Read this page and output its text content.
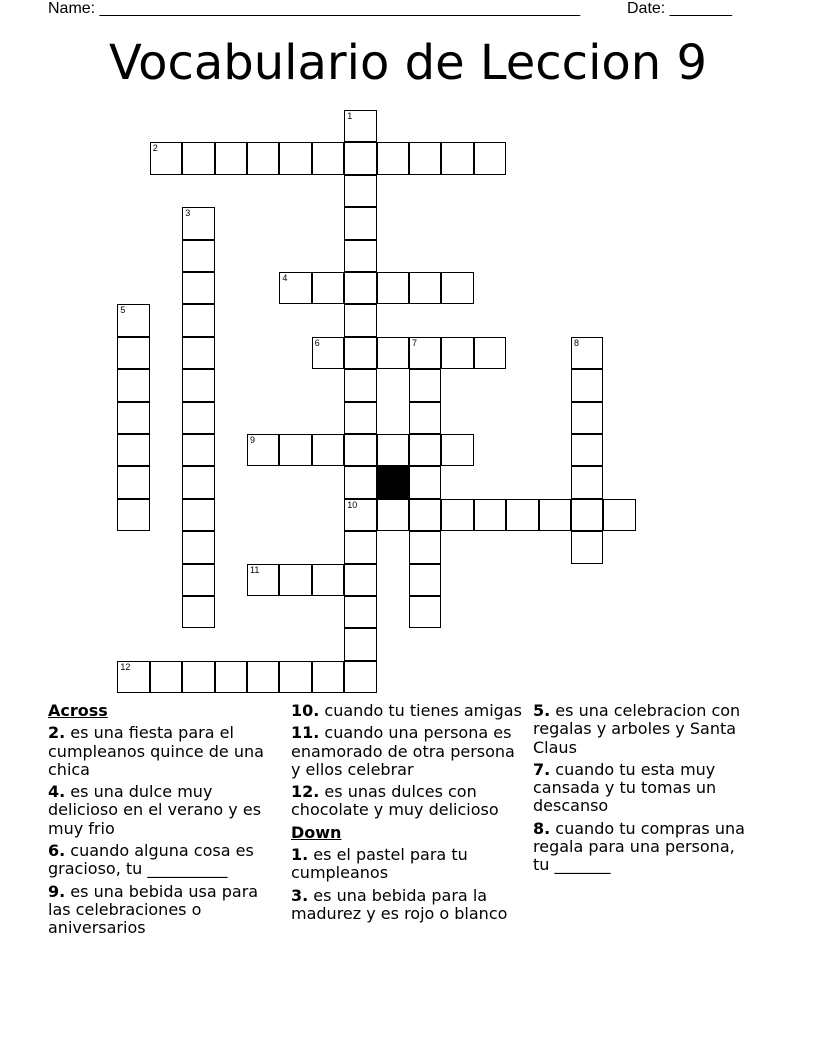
Name: ______________________________________________________	Date: _______
Vocabulario de Leccion 9
1
10
2
3
4
5
6	7	8
9
11
12
Across
2. es una fiesta para el cumpleanos quince de una chica
4. es una dulce muy delicioso en el verano y es muy frio
6. cuando alguna cosa es gracioso, tu __________
9. es una bebida usa para las celebraciones o aniversarios
10. cuando tu tienes amigas
11. cuando una persona es enamorado de otra persona y ellos celebrar
12. es unas dulces con chocolate y muy delicioso
Down
1. es el pastel para tu cumpleanos
3. es una bebida para la madurez y es rojo o blanco
5. es una celebracion con regalas y arboles y Santa Claus
7. cuando tu esta muy cansada y tu tomas un descanso
8. cuando tu compras una regala para una persona, tu _______
